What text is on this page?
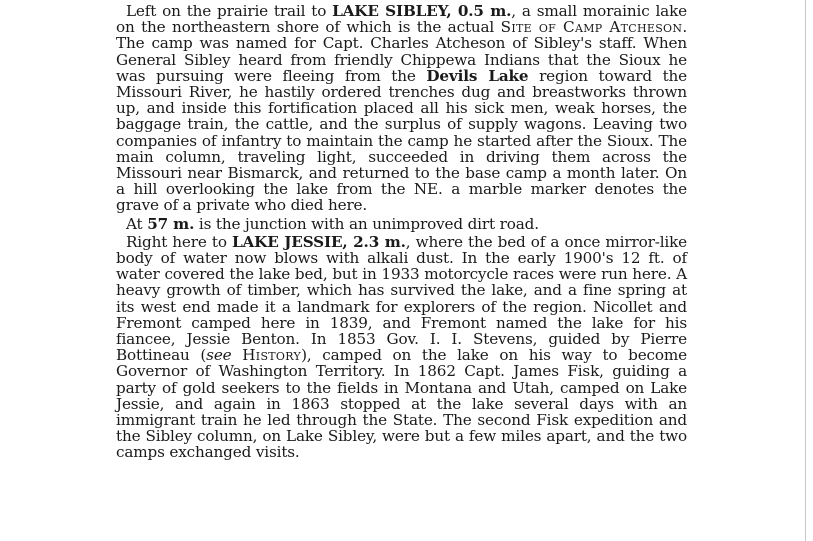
Left on the prairie trail to LAKE SIBLEY, 0.5 m., a small morainic lake on the northeastern shore of which is the actual Site of Camp Atcheson. The camp was named for Capt. Charles Atcheson of Sibley's staff. When General Sibley heard from friendly Chippewa Indians that the Sioux he was pursuing were fleeing from the Devils Lake region toward the Missouri River, he hastily ordered trenches dug and breastworks thrown up, and inside this fortification placed all his sick men, weak horses, the baggage train, the cattle, and the surplus of supply wagons. Leaving two companies of infantry to maintain the camp he started after the Sioux. The main column, traveling light, succeeded in driving them across the Missouri near Bismarck, and returned to the base camp a month later. On a hill overlooking the lake from the NE. a marble marker denotes the grave of a private who died here.

At 57 m. is the junction with an unimproved dirt road.

Right here to LAKE JESSIE, 2.3 m., where the bed of a once mirror-like body of water now blows with alkali dust. In the early 1900's 12 ft. of water covered the lake bed, but in 1933 motorcycle races were run here. A heavy growth of timber, which has survived the lake, and a fine spring at its west end made it a landmark for explorers of the region. Nicollet and Fremont camped here in 1839, and Fremont named the lake for his fiancee, Jessie Benton. In 1853 Gov. I. I. Stevens, guided by Pierre Bottineau (see History), camped on the lake on his way to become Governor of Washington Territory. In 1862 Capt. James Fisk, guiding a party of gold seekers to the fields in Montana and Utah, camped on Lake Jessie, and again in 1863 stopped at the lake several days with an immigrant train he led through the State. The second Fisk expedition and the Sibley column, on Lake Sibley, were but a few miles apart, and the two camps exchanged visits.
